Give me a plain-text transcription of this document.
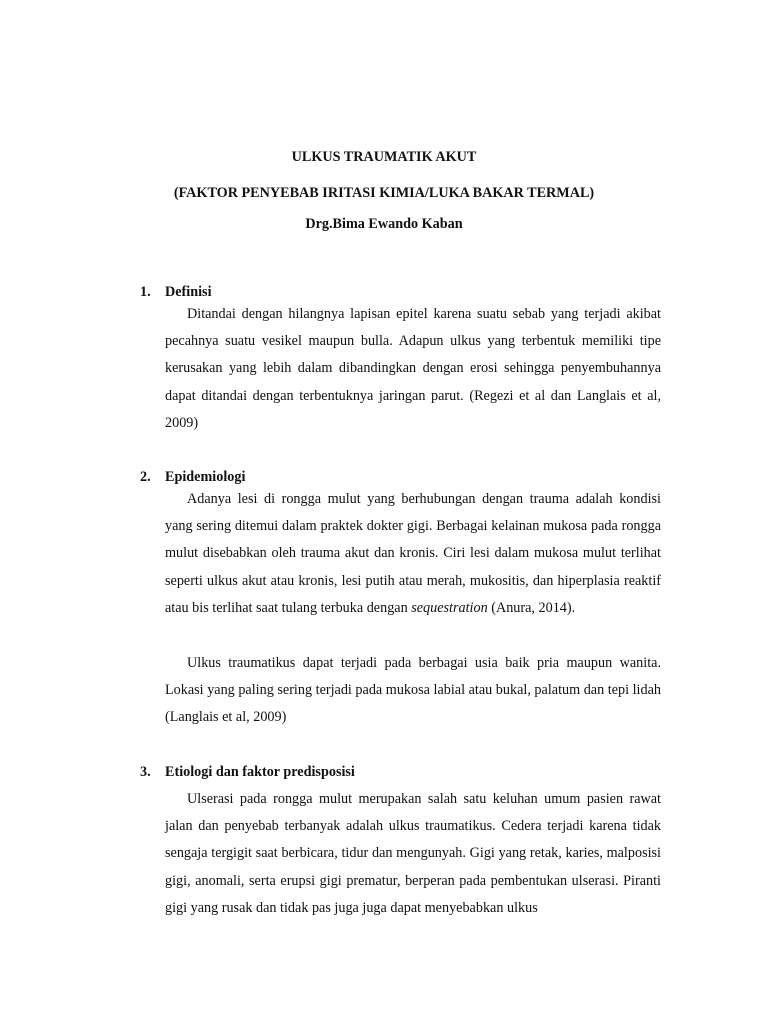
ULKUS TRAUMATIK AKUT
(FAKTOR PENYEBAB IRITASI KIMIA/LUKA BAKAR TERMAL)
Drg.Bima Ewando Kaban
1. Definisi

Ditandai dengan hilangnya lapisan epitel karena suatu sebab yang terjadi akibat pecahnya suatu vesikel maupun bulla. Adapun ulkus yang terbentuk memiliki tipe kerusakan yang lebih dalam dibandingkan dengan erosi sehingga penyembuhannya dapat ditandai dengan terbentuknya jaringan parut. (Regezi et al dan Langlais et al, 2009)

2. Epidemiologi

Adanya lesi di rongga mulut yang berhubungan dengan trauma adalah kondisi yang sering ditemui dalam praktek dokter gigi. Berbagai kelainan mukosa pada rongga mulut disebabkan oleh trauma akut dan kronis. Ciri lesi dalam mukosa mulut terlihat seperti ulkus akut atau kronis, lesi putih atau merah, mukositis, dan hiperplasia reaktif atau bis terlihat saat tulang terbuka dengan sequestration (Anura, 2014).

Ulkus traumatikus dapat terjadi pada berbagai usia baik pria maupun wanita. Lokasi yang paling sering terjadi pada mukosa labial atau bukal, palatum dan tepi lidah (Langlais et al, 2009)

3. Etiologi dan faktor predisposisi

Ulserasi pada rongga mulut merupakan salah satu keluhan umum pasien rawat jalan dan penyebab terbanyak adalah ulkus traumatikus. Cedera terjadi karena tidak sengaja tergigit saat berbicara, tidur dan mengunyah. Gigi yang retak, karies, malposisi gigi, anomali, serta erupsi gigi prematur, berperan pada pembentukan ulserasi. Piranti gigi yang rusak dan tidak pas juga juga dapat menyebabkan ulkus
